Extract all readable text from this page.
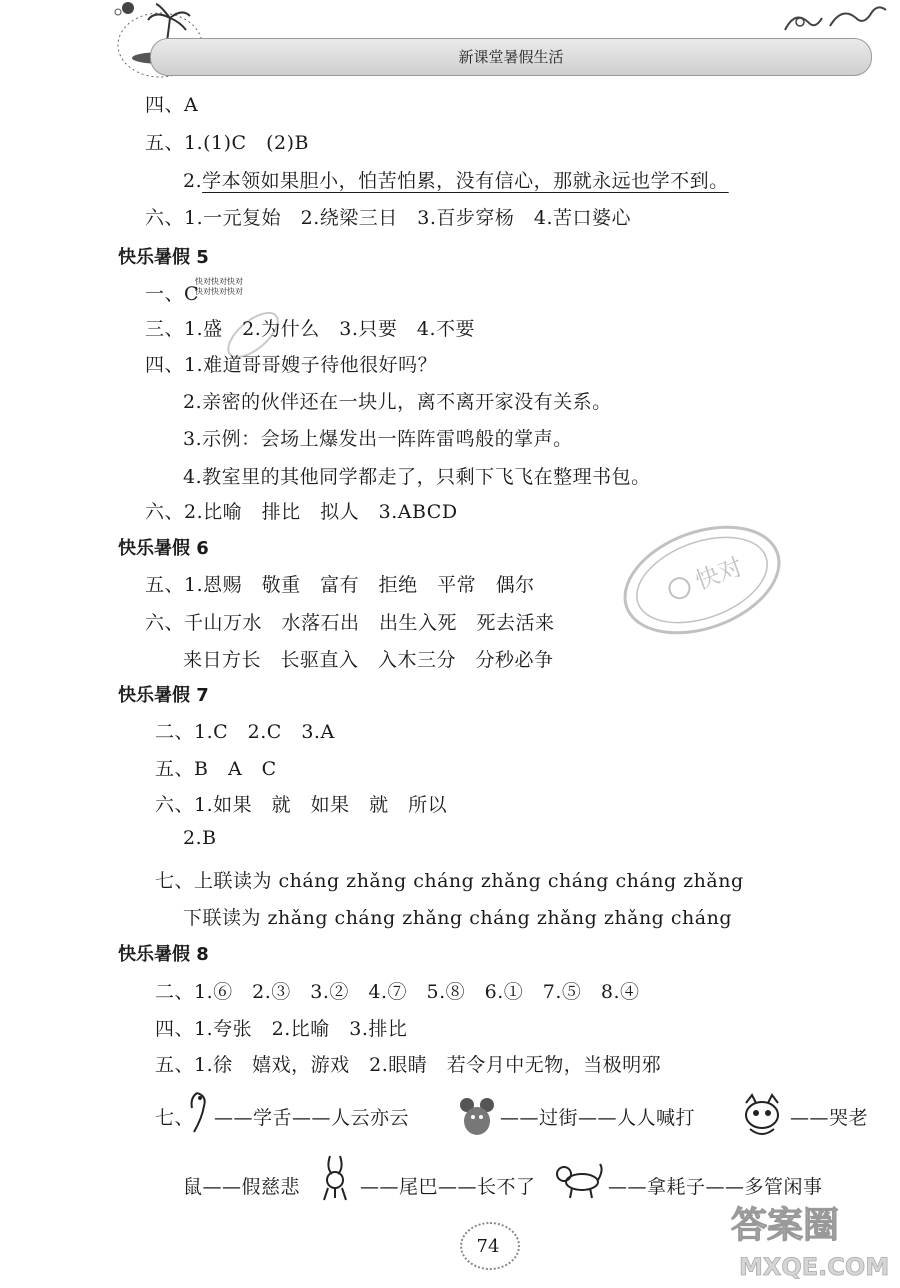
新课堂暑假生活
四、A
五、1.(1)C　(2)B
2.学本领如果胆小，怕苦怕累，没有信心，那就永远也学不到。
六、1.一元复始　2.绕梁三日　3.百步穿杨　4.苦口婆心
快乐暑假 5
一、C
快对快对快对
快对快对快对
三、1.盛　2.为什么　3.只要　4.不要
四、1.难道哥哥嫂子待他很好吗？
2.亲密的伙伴还在一块儿，离不离开家没有关系。
3.示例：会场上爆发出一阵阵雷鸣般的掌声。
4.教室里的其他同学都走了，只剩下飞飞在整理书包。
六、2.比喻　排比　拟人　3.ABCD
快乐暑假 6
五、1.恩赐　敬重　富有　拒绝　平常　偶尔
六、千山万水　水落石出　出生入死　死去活来
来日方长　长驱直入　入木三分　分秒必争
快对
快乐暑假 7
二、1.C　2.C　3.A
五、B　A　C
六、1.如果　就　如果　就　所以
2.B
七、上联读为 cháng zhǎng cháng zhǎng cháng cháng zhǎng
下联读为 zhǎng cháng zhǎng cháng zhǎng zhǎng cháng
快乐暑假 8
二、1.⑥　2.③　3.②　4.⑦　5.⑧　6.①　7.⑤　8.④
四、1.夸张　2.比喻　3.排比
五、1.徐　嬉戏，游戏　2.眼睛　若令月中无物，当极明邪
七、 ——学舌——人云亦云	——过街——人人喊打	——哭老
鼠——假慈悲	——尾巴——长不了	——拿耗子——多管闲事
74
答案圈
MXQE.COM
